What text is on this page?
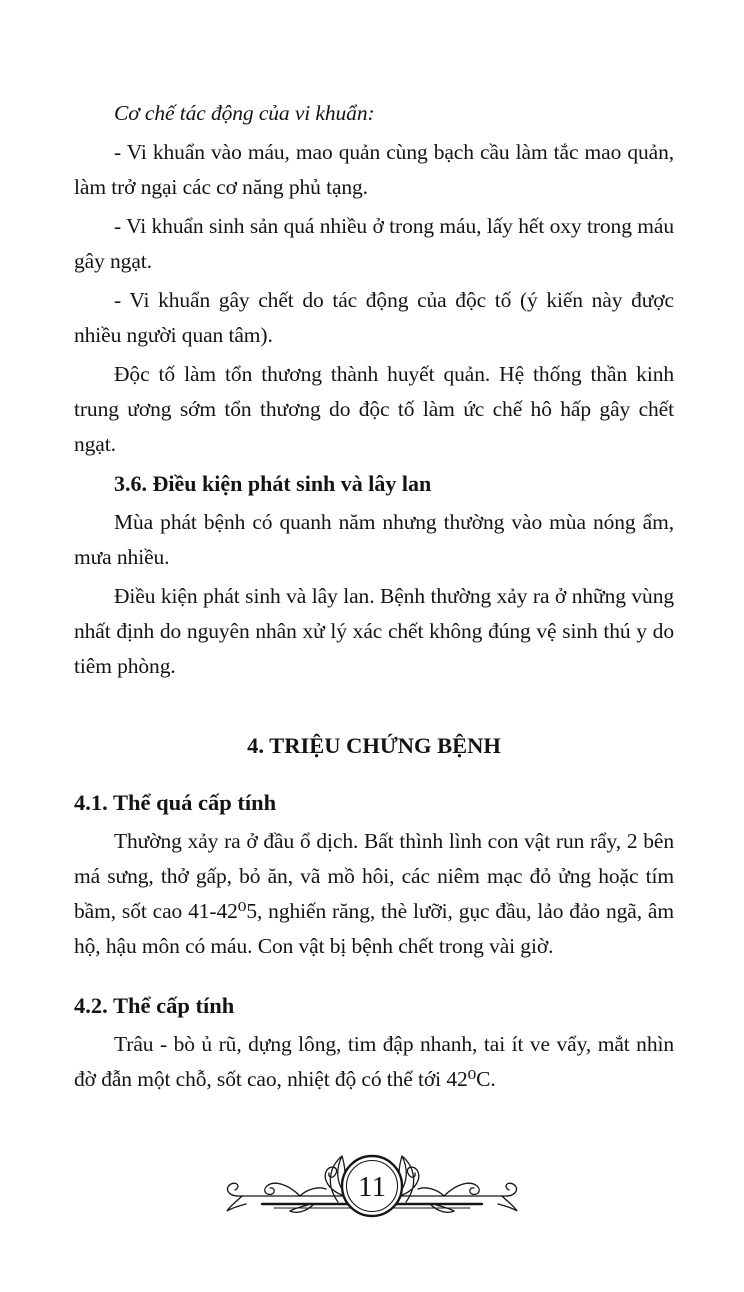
Cơ chế tác động của vi khuẩn:

- Vi khuẩn vào máu, mao quản cùng bạch cầu làm tắc mao quản, làm trở ngại các cơ năng phủ tạng.

- Vi khuẩn sinh sản quá nhiều ở trong máu, lấy hết oxy trong máu gây ngạt.

- Vi khuẩn gây chết do tác động của độc tố (ý kiến này được nhiều người quan tâm).

Độc tố làm tổn thương thành huyết quản. Hệ thống thần kinh trung ương sớm tổn thương do độc tố làm ức chế hô hấp gây chết ngạt.

3.6. Điều kiện phát sinh và lây lan

Mùa phát bệnh có quanh năm nhưng thường vào mùa nóng ẩm, mưa nhiều.

Điều kiện phát sinh và lây lan. Bệnh thường xảy ra ở những vùng nhất định do nguyên nhân xử lý xác chết không đúng vệ sinh thú y do tiêm phòng.

4. TRIỆU CHỨNG BỆNH
4.1. Thể quá cấp tính

Thường xảy ra ở đầu ổ dịch. Bất thình lình con vật run rẩy, 2 bên má sưng, thở gấp, bỏ ăn, vã mồ hôi, các niêm mạc đỏ ửng hoặc tím bầm, sốt cao 41-42⁰5, nghiến răng, thè lưỡi, gục đầu, lảo đảo ngã, âm hộ, hậu môn có máu. Con vật bị bệnh chết trong vài giờ.

4.2. Thể cấp tính

Trâu - bò ủ rũ, dựng lông, tim đập nhanh, tai ít ve vẩy, mắt nhìn đờ đẫn một chỗ, sốt cao, nhiệt độ có thể tới 42⁰C.

11
